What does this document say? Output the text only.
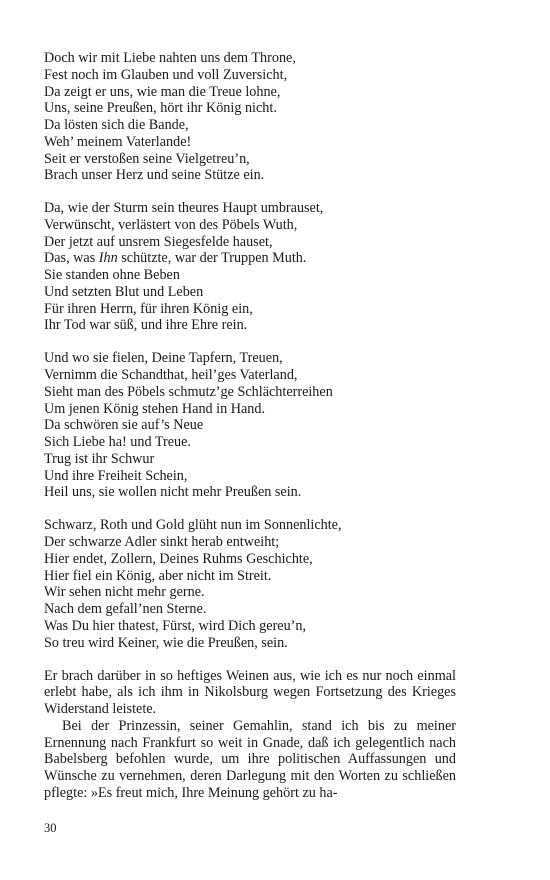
Doch wir mit Liebe nahten uns dem Throne,
Fest noch im Glauben und voll Zuversicht,
Da zeigt er uns, wie man die Treue lohne,
Uns, seine Preußen, hört ihr König nicht.
Da lösten sich die Bande,
Weh’ meinem Vaterlande!
Seit er verstoßen seine Vielgetreu’n,
Brach unser Herz und seine Stütze ein.
Da, wie der Sturm sein theures Haupt umbrauset,
Verwünscht, verlästert von des Pöbels Wuth,
Der jetzt auf unsrem Siegesfelde hauset,
Das, was Ihn schützte, war der Truppen Muth.
Sie standen ohne Beben
Und setzten Blut und Leben
Für ihren Herrn, für ihren König ein,
Ihr Tod war süß, und ihre Ehre rein.
Und wo sie fielen, Deine Tapfern, Treuen,
Vernimm die Schandthat, heil’ges Vaterland,
Sieht man des Pöbels schmutz’ge Schlächterreihen
Um jenen König stehen Hand in Hand.
Da schwören sie auf’s Neue
Sich Liebe ha! und Treue.
Trug ist ihr Schwur
Und ihre Freiheit Schein,
Heil uns, sie wollen nicht mehr Preußen sein.
Schwarz, Roth und Gold glüht nun im Sonnenlichte,
Der schwarze Adler sinkt herab entweiht;
Hier endet, Zollern, Deines Ruhms Geschichte,
Hier fiel ein König, aber nicht im Streit.
Wir sehen nicht mehr gerne.
Nach dem gefall’nen Sterne.
Was Du hier thatest, Fürst, wird Dich gereu’n,
So treu wird Keiner, wie die Preußen, sein.

Er brach darüber in so heftiges Weinen aus, wie ich es nur noch einmal erlebt habe, als ich ihm in Nikolsburg wegen Fortsetzung des Krieges Widerstand leistete.

Bei der Prinzessin, seiner Gemahlin, stand ich bis zu meiner Ernennung nach Frankfurt so weit in Gnade, daß ich gelegentlich nach Babelsberg befohlen wurde, um ihre politischen Auffassungen und Wünsche zu vernehmen, deren Darlegung mit den Worten zu schließen pflegte: »Es freut mich, Ihre Meinung gehört zu ha-

30
